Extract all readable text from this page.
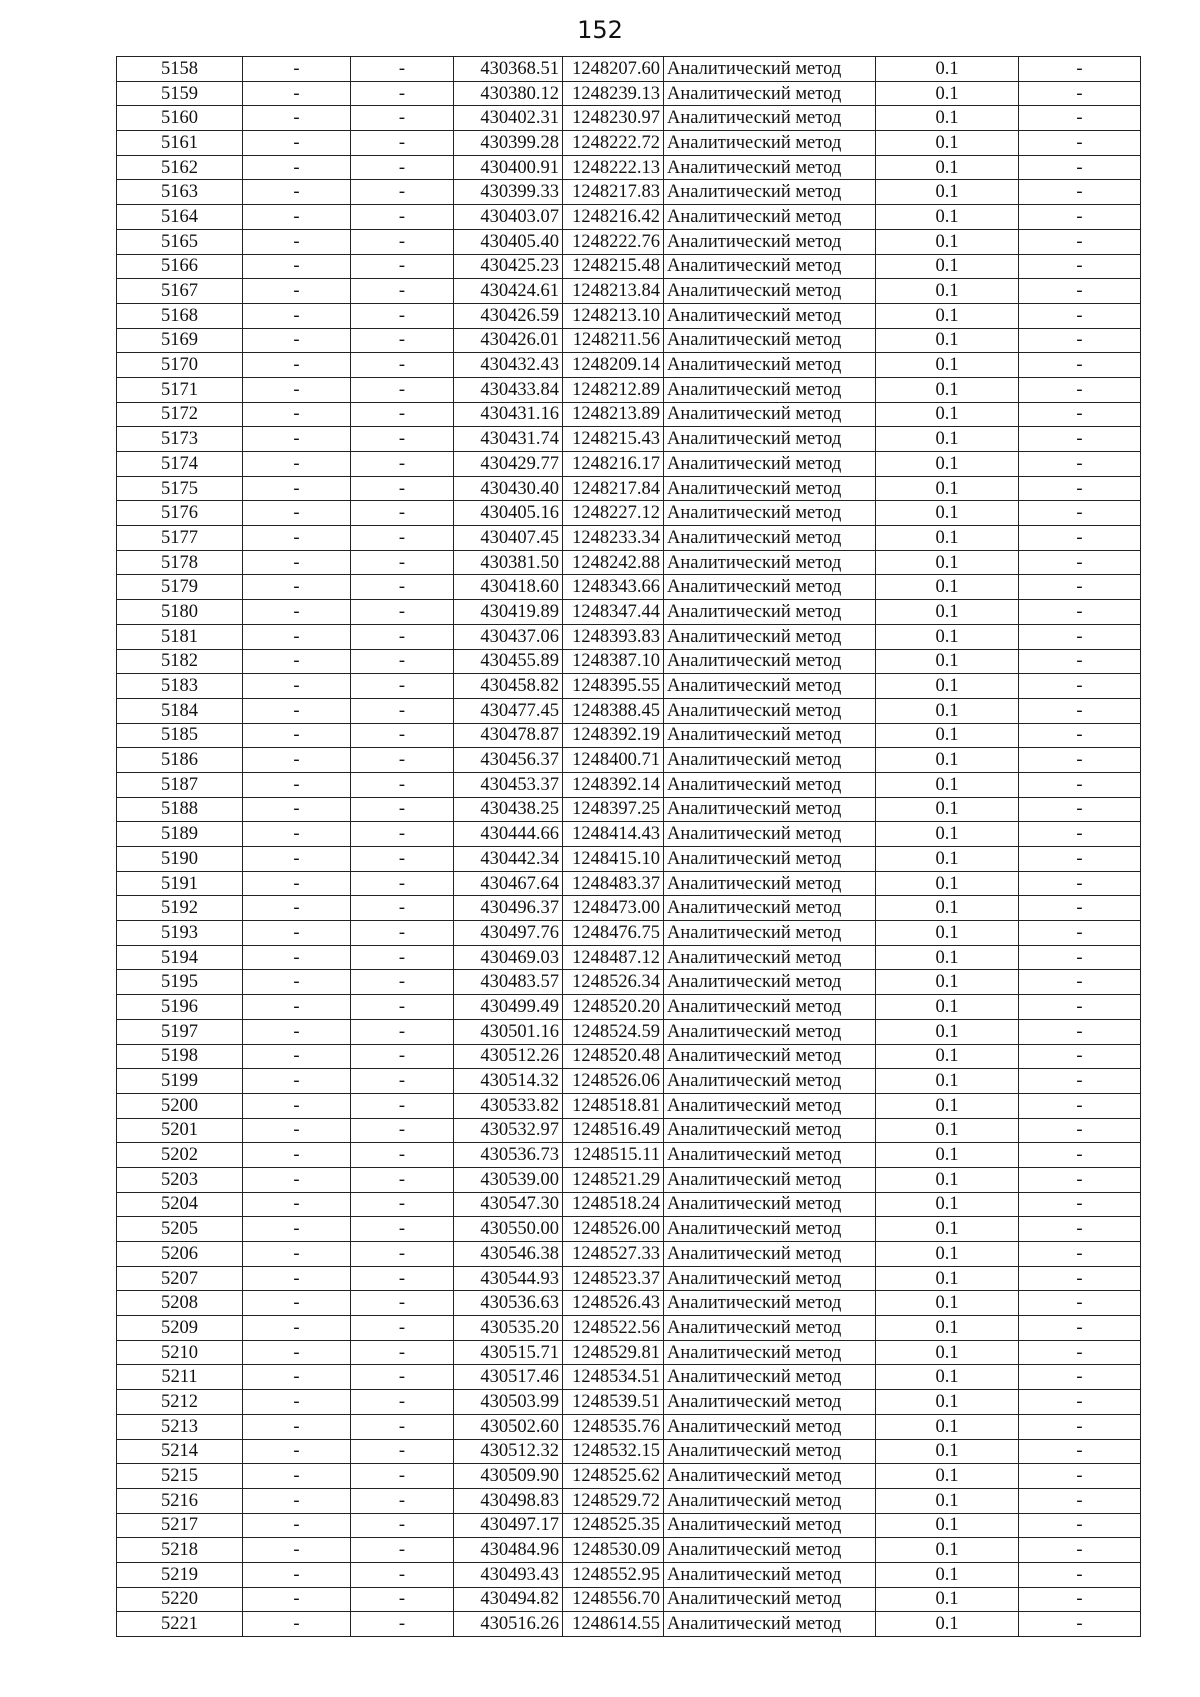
152
5158	-	-	430368.51	1248207.60	Аналитический метод	0.1	-
5159	-	-	430380.12	1248239.13	Аналитический метод	0.1	-
5160	-	-	430402.31	1248230.97	Аналитический метод	0.1	-
5161	-	-	430399.28	1248222.72	Аналитический метод	0.1	-
5162	-	-	430400.91	1248222.13	Аналитический метод	0.1	-
5163	-	-	430399.33	1248217.83	Аналитический метод	0.1	-
5164	-	-	430403.07	1248216.42	Аналитический метод	0.1	-
5165	-	-	430405.40	1248222.76	Аналитический метод	0.1	-
5166	-	-	430425.23	1248215.48	Аналитический метод	0.1	-
5167	-	-	430424.61	1248213.84	Аналитический метод	0.1	-
5168	-	-	430426.59	1248213.10	Аналитический метод	0.1	-
5169	-	-	430426.01	1248211.56	Аналитический метод	0.1	-
5170	-	-	430432.43	1248209.14	Аналитический метод	0.1	-
5171	-	-	430433.84	1248212.89	Аналитический метод	0.1	-
5172	-	-	430431.16	1248213.89	Аналитический метод	0.1	-
5173	-	-	430431.74	1248215.43	Аналитический метод	0.1	-
5174	-	-	430429.77	1248216.17	Аналитический метод	0.1	-
5175	-	-	430430.40	1248217.84	Аналитический метод	0.1	-
5176	-	-	430405.16	1248227.12	Аналитический метод	0.1	-
5177	-	-	430407.45	1248233.34	Аналитический метод	0.1	-
5178	-	-	430381.50	1248242.88	Аналитический метод	0.1	-
5179	-	-	430418.60	1248343.66	Аналитический метод	0.1	-
5180	-	-	430419.89	1248347.44	Аналитический метод	0.1	-
5181	-	-	430437.06	1248393.83	Аналитический метод	0.1	-
5182	-	-	430455.89	1248387.10	Аналитический метод	0.1	-
5183	-	-	430458.82	1248395.55	Аналитический метод	0.1	-
5184	-	-	430477.45	1248388.45	Аналитический метод	0.1	-
5185	-	-	430478.87	1248392.19	Аналитический метод	0.1	-
5186	-	-	430456.37	1248400.71	Аналитический метод	0.1	-
5187	-	-	430453.37	1248392.14	Аналитический метод	0.1	-
5188	-	-	430438.25	1248397.25	Аналитический метод	0.1	-
5189	-	-	430444.66	1248414.43	Аналитический метод	0.1	-
5190	-	-	430442.34	1248415.10	Аналитический метод	0.1	-
5191	-	-	430467.64	1248483.37	Аналитический метод	0.1	-
5192	-	-	430496.37	1248473.00	Аналитический метод	0.1	-
5193	-	-	430497.76	1248476.75	Аналитический метод	0.1	-
5194	-	-	430469.03	1248487.12	Аналитический метод	0.1	-
5195	-	-	430483.57	1248526.34	Аналитический метод	0.1	-
5196	-	-	430499.49	1248520.20	Аналитический метод	0.1	-
5197	-	-	430501.16	1248524.59	Аналитический метод	0.1	-
5198	-	-	430512.26	1248520.48	Аналитический метод	0.1	-
5199	-	-	430514.32	1248526.06	Аналитический метод	0.1	-
5200	-	-	430533.82	1248518.81	Аналитический метод	0.1	-
5201	-	-	430532.97	1248516.49	Аналитический метод	0.1	-
5202	-	-	430536.73	1248515.11	Аналитический метод	0.1	-
5203	-	-	430539.00	1248521.29	Аналитический метод	0.1	-
5204	-	-	430547.30	1248518.24	Аналитический метод	0.1	-
5205	-	-	430550.00	1248526.00	Аналитический метод	0.1	-
5206	-	-	430546.38	1248527.33	Аналитический метод	0.1	-
5207	-	-	430544.93	1248523.37	Аналитический метод	0.1	-
5208	-	-	430536.63	1248526.43	Аналитический метод	0.1	-
5209	-	-	430535.20	1248522.56	Аналитический метод	0.1	-
5210	-	-	430515.71	1248529.81	Аналитический метод	0.1	-
5211	-	-	430517.46	1248534.51	Аналитический метод	0.1	-
5212	-	-	430503.99	1248539.51	Аналитический метод	0.1	-
5213	-	-	430502.60	1248535.76	Аналитический метод	0.1	-
5214	-	-	430512.32	1248532.15	Аналитический метод	0.1	-
5215	-	-	430509.90	1248525.62	Аналитический метод	0.1	-
5216	-	-	430498.83	1248529.72	Аналитический метод	0.1	-
5217	-	-	430497.17	1248525.35	Аналитический метод	0.1	-
5218	-	-	430484.96	1248530.09	Аналитический метод	0.1	-
5219	-	-	430493.43	1248552.95	Аналитический метод	0.1	-
5220	-	-	430494.82	1248556.70	Аналитический метод	0.1	-
5221	-	-	430516.26	1248614.55	Аналитический метод	0.1	-
